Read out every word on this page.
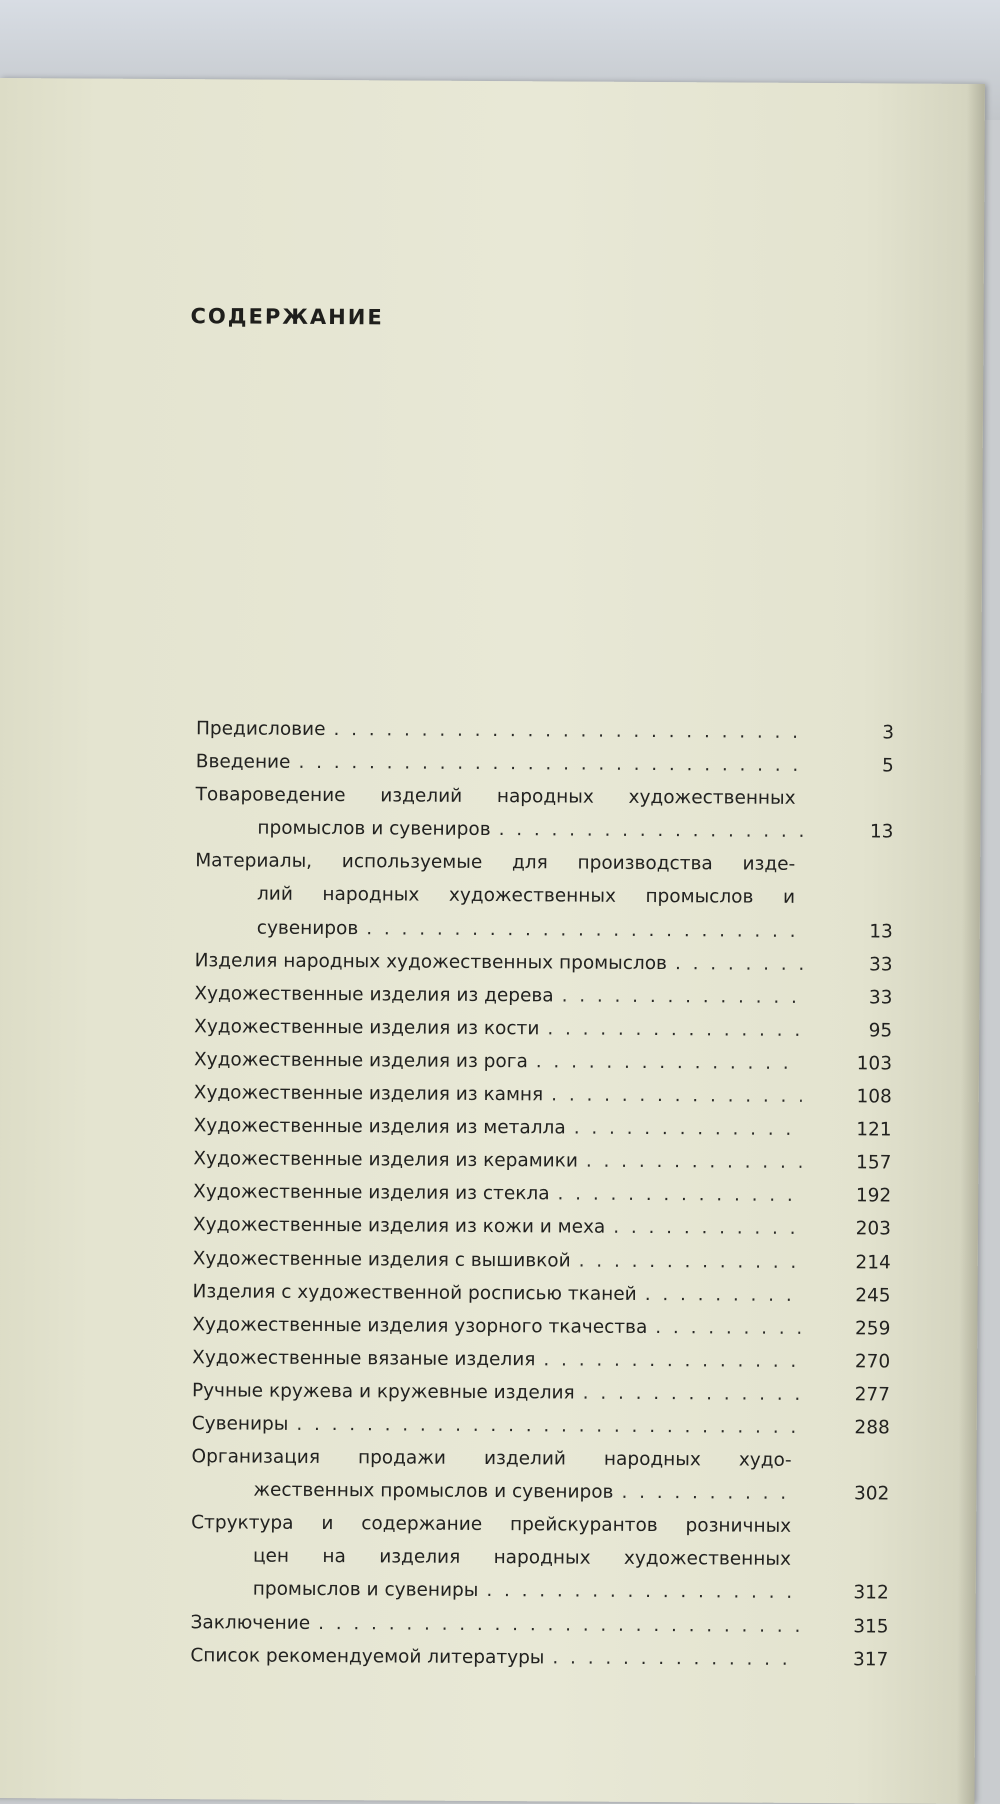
СОДЕРЖАНИЕ
Предисловие . .	3
Введение . .	5
Товароведение изделий народных художественных
промыслов и сувениров . .	13
Материалы, используемые для производства изде-
лий народных художественных промыслов и
сувениров . .	13
Изделия народных художественных промыслов . .	33
Художественные изделия из дерева . .	33
Художественные изделия из кости . .	95
Художественные изделия из рога . .	103
Художественные изделия из камня . .	108
Художественные изделия из металла . .	121
Художественные изделия из керамики . .	157
Художественные изделия из стекла . .	192
Художественные изделия из кожи и меха . .	203
Художественные изделия с вышивкой . .	214
Изделия с художественной росписью тканей . .	245
Художественные изделия узорного ткачества . .	259
Художественные вязаные изделия . .	270
Ручные кружева и кружевные изделия . .	277
Сувениры . .	288
Организация продажи изделий народных худо-
жественных промыслов и сувениров . .	302
Структура и содержание прейскурантов розничных
цен на изделия народных художественных
промыслов и сувениры . .	312
Заключение . .	315
Список рекомендуемой литературы . .	317
